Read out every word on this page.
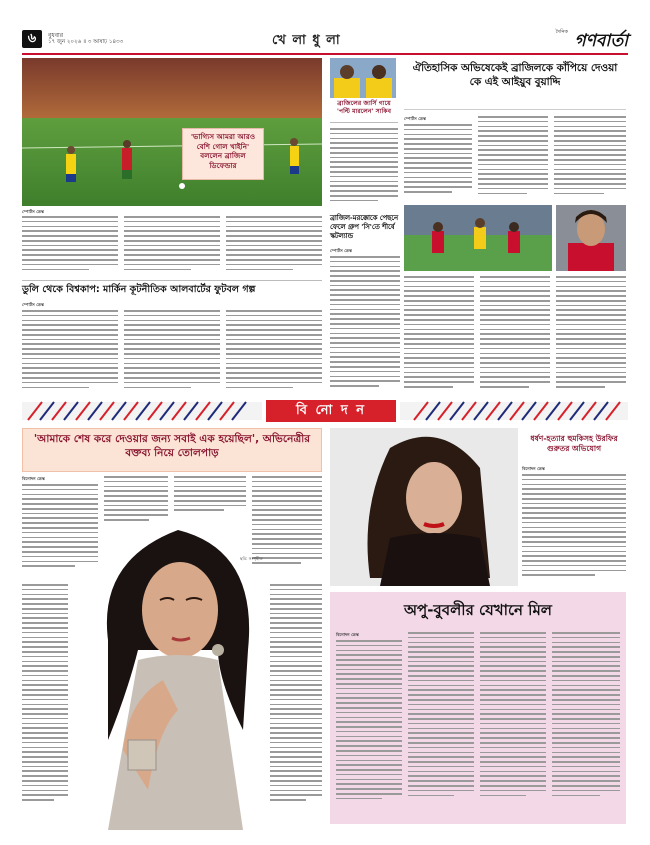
৬	বুধবার
১৭ জুন ২০২৬ ॥ ৩ আষাঢ় ১৪৩৩	খে লা ধু লা
দৈনিক গণবার্তা
'ভাগ্যিস আমরা আরও বেশি গোল খাইনি' বললেন ব্রাজিল ডিফেন্ডার
ব্রাজিলের জার্সি গায়ে 'পল্টি মারলেন' সাকিব
ঐতিহাসিক অভিষেকেই ব্রাজিলকে কাঁপিয়ে দেওয়া কে এই আইয়ুব বুয়াদ্দি
স্পোর্টস ডেস্ক
স্পোর্টস ডেস্ক
ব্রাজিল-মরক্কোকে পেছনে ফেলে গ্রুপ 'সি'তে শীর্ষে স্কটল্যান্ড
স্পোর্টস ডেস্ক
ডুলি থেকে বিশ্বকাপ: মার্কিন কূটনীতিক আলবার্টের ফুটবল গল্প
স্পোর্টস ডেস্ক
বি নো দ ন
'আমাকে শেষ করে দেওয়ার জন্য সবাই এক হয়েছিল', অভিনেত্রীর বক্তব্য নিয়ে তোলপাড়
বিনোদন ডেস্ক
ছবি: সংগৃহীত
ধর্ষণ-হত্যার হুমকিসহ উরফির গুরুতর অভিযোগ
বিনোদন ডেস্ক
অপু-বুবলীর যেখানে মিল
বিনোদন ডেস্ক
